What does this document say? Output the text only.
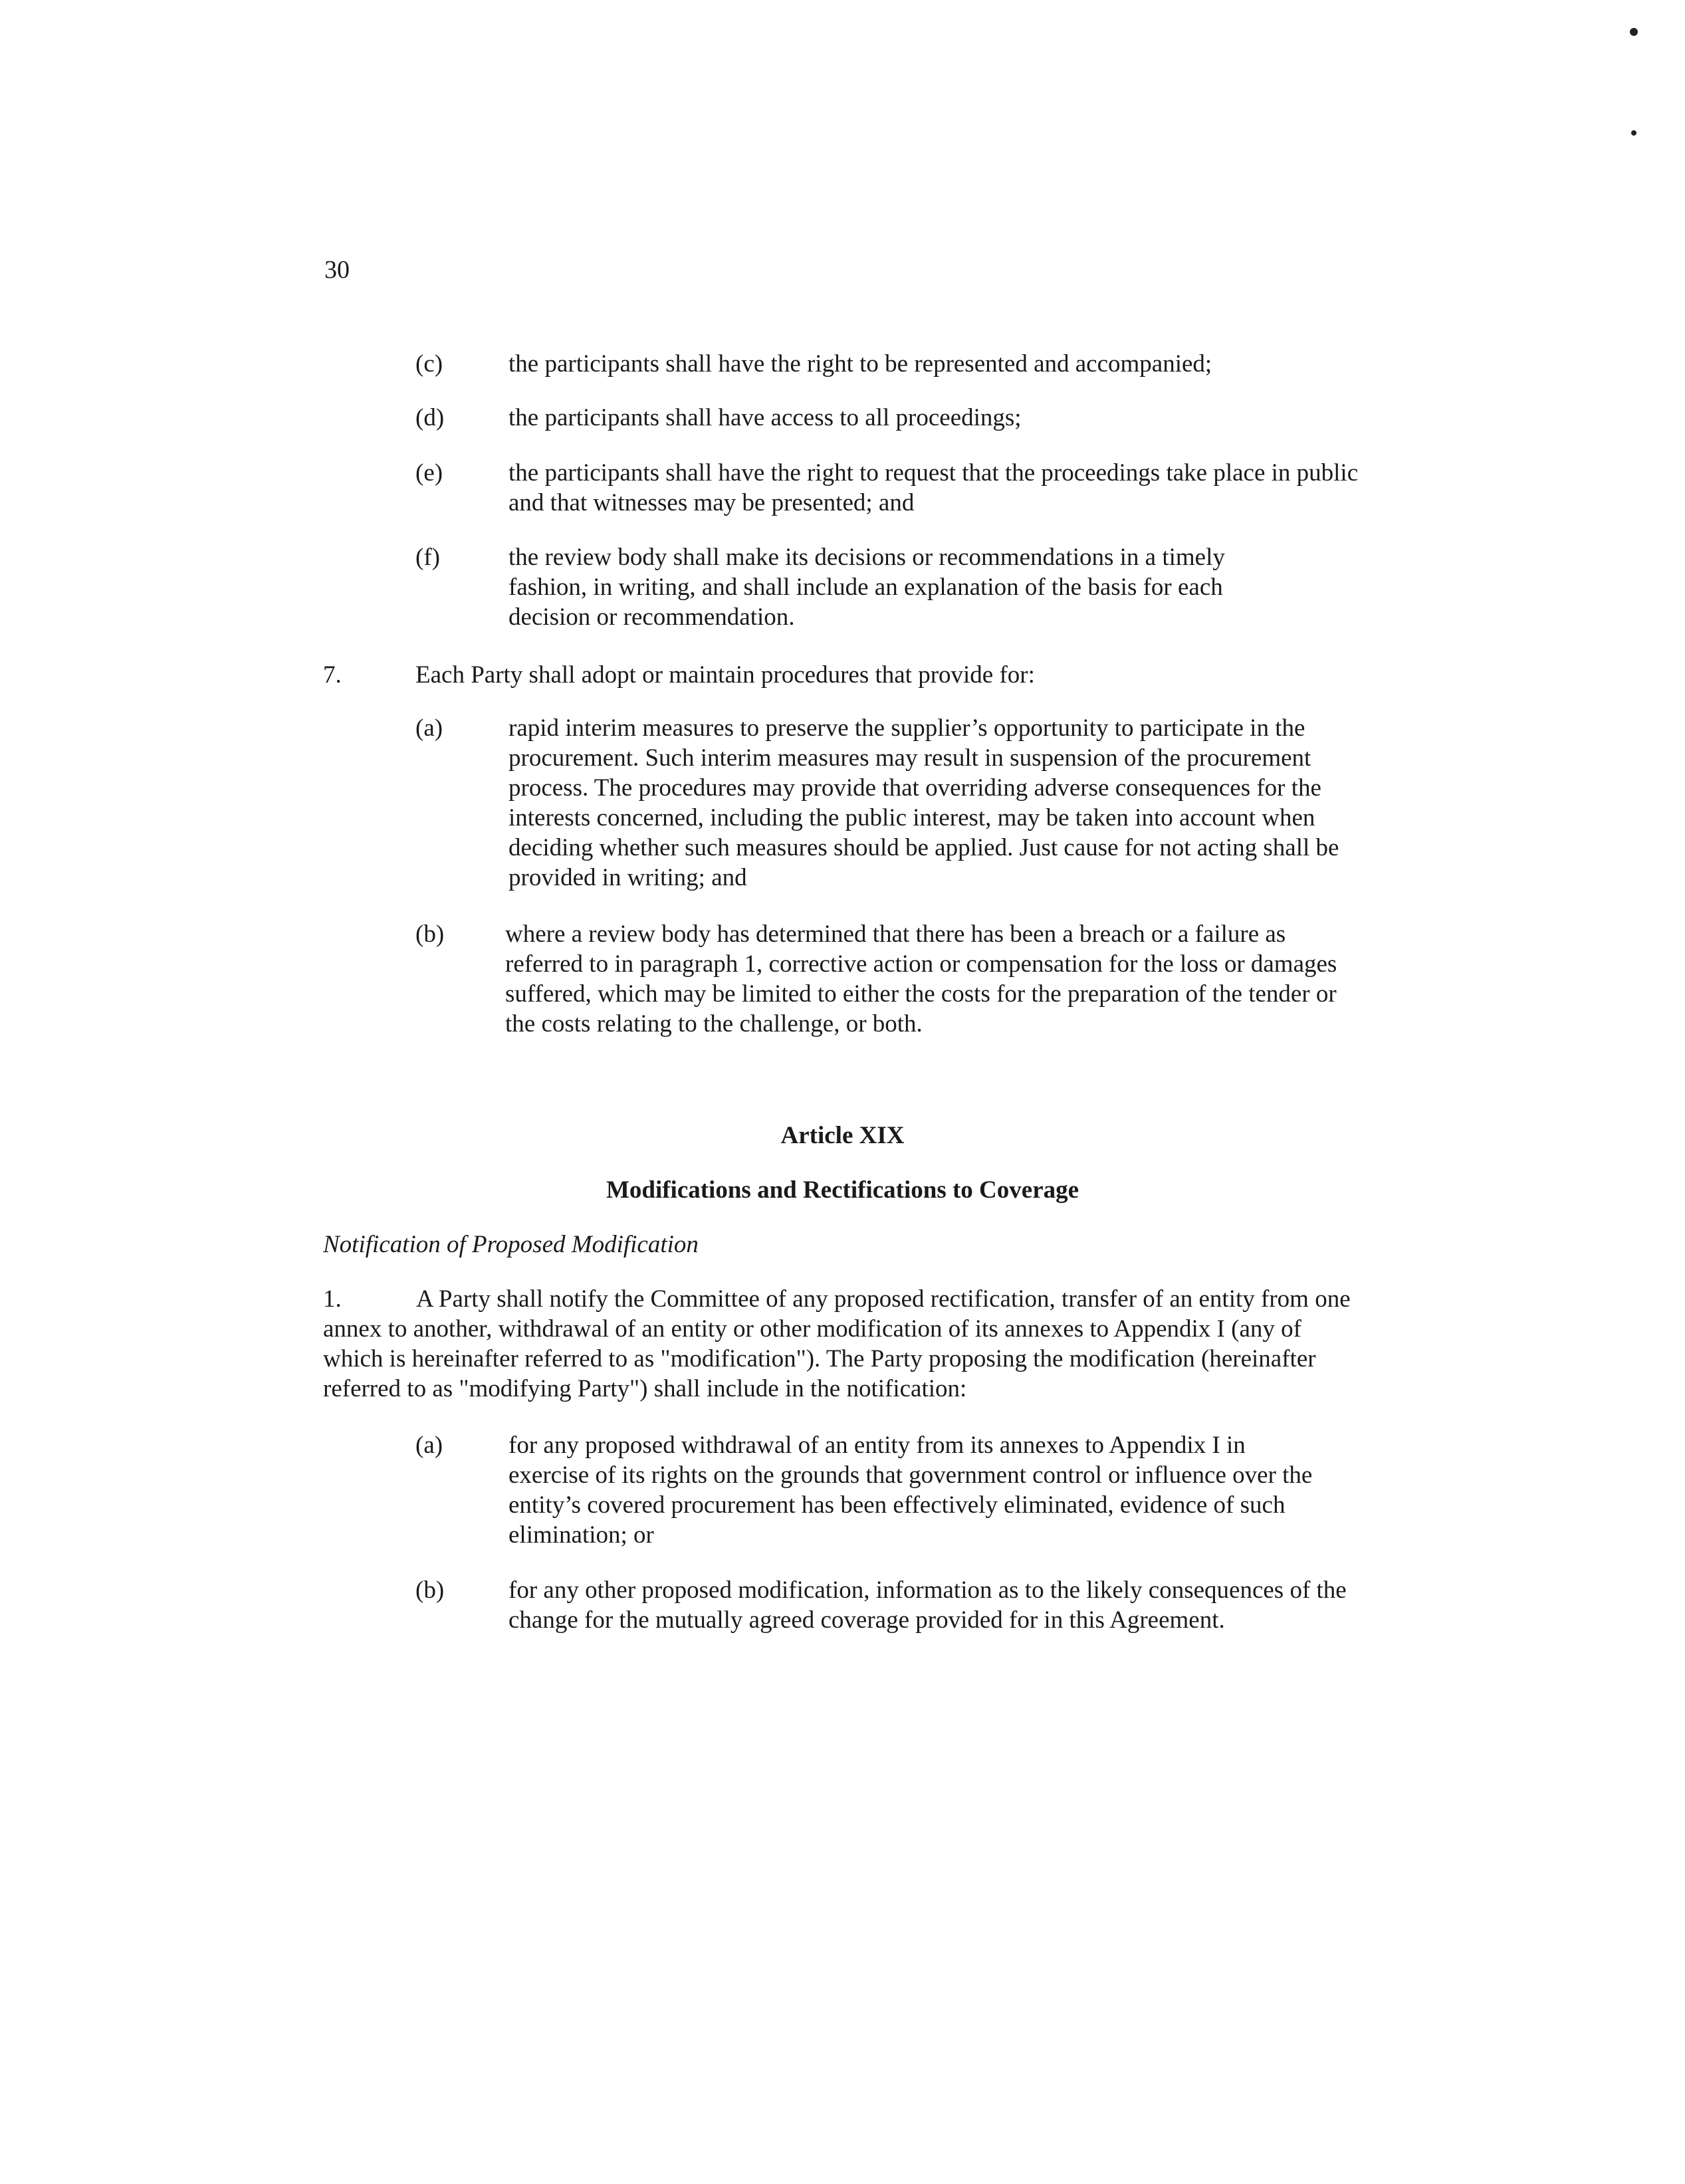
30
(c)	the participants shall have the right to be represented and accompanied;
(d)	the participants shall have access to all proceedings;
(e)	the participants shall have the right to request that the proceedings take place in public and that witnesses may be presented; and
(f)	the review body shall make its decisions or recommendations in a timely fashion, in writing, and shall include an explanation of the basis for each decision or recommendation.
7.	Each Party shall adopt or maintain procedures that provide for:
(a)	rapid interim measures to preserve the supplier’s opportunity to participate in the procurement. Such interim measures may result in suspension of the procurement process. The procedures may provide that overriding adverse consequences for the interests concerned, including the public interest, may be taken into account when deciding whether such measures should be applied. Just cause for not acting shall be provided in writing; and
(b) where a review body has determined that there has been a breach or a failure as referred to in paragraph 1, corrective action or compensation for the loss or damages suffered, which may be limited to either the costs for the preparation of the tender or the costs relating to the challenge, or both.
Article XIX
Modifications and Rectifications to Coverage
Notification of Proposed Modification
1.	A Party shall notify the Committee of any proposed rectification, transfer of an entity from one annex to another, withdrawal of an entity or other modification of its annexes to Appendix I (any of which is hereinafter referred to as "modification"). The Party proposing the modification (hereinafter referred to as "modifying Party") shall include in the notification:
(a)	for any proposed withdrawal of an entity from its annexes to Appendix I in exercise of its rights on the grounds that government control or influence over the entity’s covered procurement has been effectively eliminated, evidence of such elimination; or
(b)	for any other proposed modification, information as to the likely consequences of the change for the mutually agreed coverage provided for in this Agreement.
